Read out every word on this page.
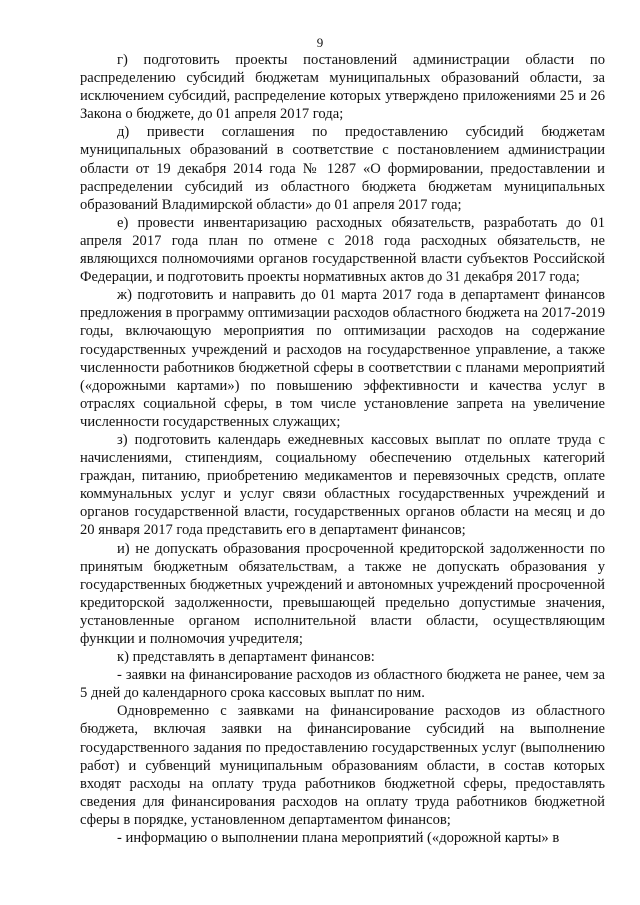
9

г) подготовить проекты постановлений администрации области по распределению субсидий бюджетам муниципальных образований области, за исключением субсидий, распределение которых утверждено приложениями 25 и 26 Закона о бюджете, до 01 апреля 2017 года;

д) привести соглашения по предоставлению субсидий бюджетам муниципальных образований в соответствие с постановлением администрации области от 19 декабря 2014 года № 1287 «О формировании, предоставлении и распределении субсидий из областного бюджета бюджетам муниципальных образований Владимирской области» до 01 апреля 2017 года;

е) провести инвентаризацию расходных обязательств, разработать до 01 апреля 2017 года план по отмене с 2018 года расходных обязательств, не являющихся полномочиями органов государственной власти субъектов Российской Федерации, и подготовить проекты нормативных актов до 31 декабря 2017 года;

ж) подготовить и направить до 01 марта 2017 года в департамент финансов предложения в программу оптимизации расходов областного бюджета на 2017-2019 годы, включающую мероприятия по оптимизации расходов на содержание государственных учреждений и расходов на государственное управление, а также численности работников бюджетной сферы в соответствии с планами мероприятий («дорожными картами») по повышению эффективности и качества услуг в отраслях социальной сферы, в том числе установление запрета на увеличение численности государственных служащих;

з) подготовить календарь ежедневных кассовых выплат по оплате труда с начислениями, стипендиям, социальному обеспечению отдельных категорий граждан, питанию, приобретению медикаментов и перевязочных средств, оплате коммунальных услуг и услуг связи областных государственных учреждений и органов государственной власти, государственных органов области на месяц и до 20 января 2017 года представить его в департамент финансов;

и) не допускать образования просроченной кредиторской задолженности по принятым бюджетным обязательствам, а также не допускать образования у государственных бюджетных учреждений и автономных учреждений просроченной кредиторской задолженности, превышающей предельно допустимые значения, установленные органом исполнительной власти области, осуществляющим функции и полномочия учредителя;

к) представлять в департамент финансов:

- заявки на финансирование расходов из областного бюджета не ранее, чем за 5 дней до календарного срока кассовых выплат по ним.

Одновременно с заявками на финансирование расходов из областного бюджета, включая заявки на финансирование субсидий на выполнение государственного задания по предоставлению государственных услуг (выполнению работ) и субвенций муниципальным образованиям области, в состав которых входят расходы на оплату труда работников бюджетной сферы, предоставлять сведения для финансирования расходов на оплату труда работников бюджетной сферы в порядке, установленном департаментом финансов;

- информацию о выполнении плана мероприятий («дорожной карты» в
